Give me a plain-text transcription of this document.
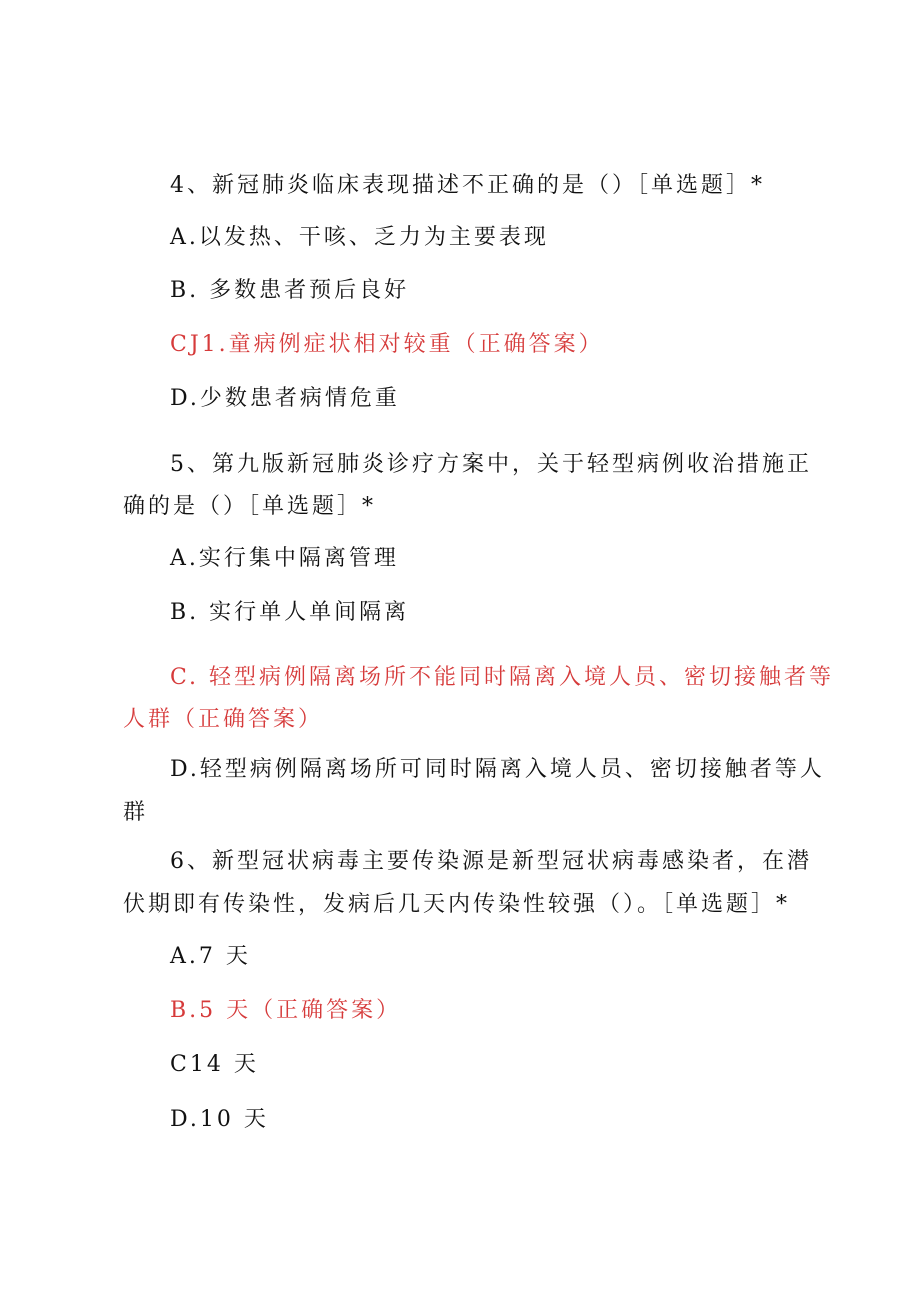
4、新冠肺炎临床表现描述不正确的是（）［单选题］*
A.以发热、干咳、乏力为主要表现
B. 多数患者预后良好
CJ1.童病例症状相对较重（正确答案）
D.少数患者病情危重
5、第九版新冠肺炎诊疗方案中，关于轻型病例收治措施正
确的是（）［单选题］*
A.实行集中隔离管理
B. 实行单人单间隔离
C. 轻型病例隔离场所不能同时隔离入境人员、密切接触者等
人群（正确答案）
D.轻型病例隔离场所可同时隔离入境人员、密切接触者等人
群
6、新型冠状病毒主要传染源是新型冠状病毒感染者，在潜
伏期即有传染性，发病后几天内传染性较强（）。［单选题］*
A.7 天
B.5 天（正确答案）
C14 天
D.10 天
